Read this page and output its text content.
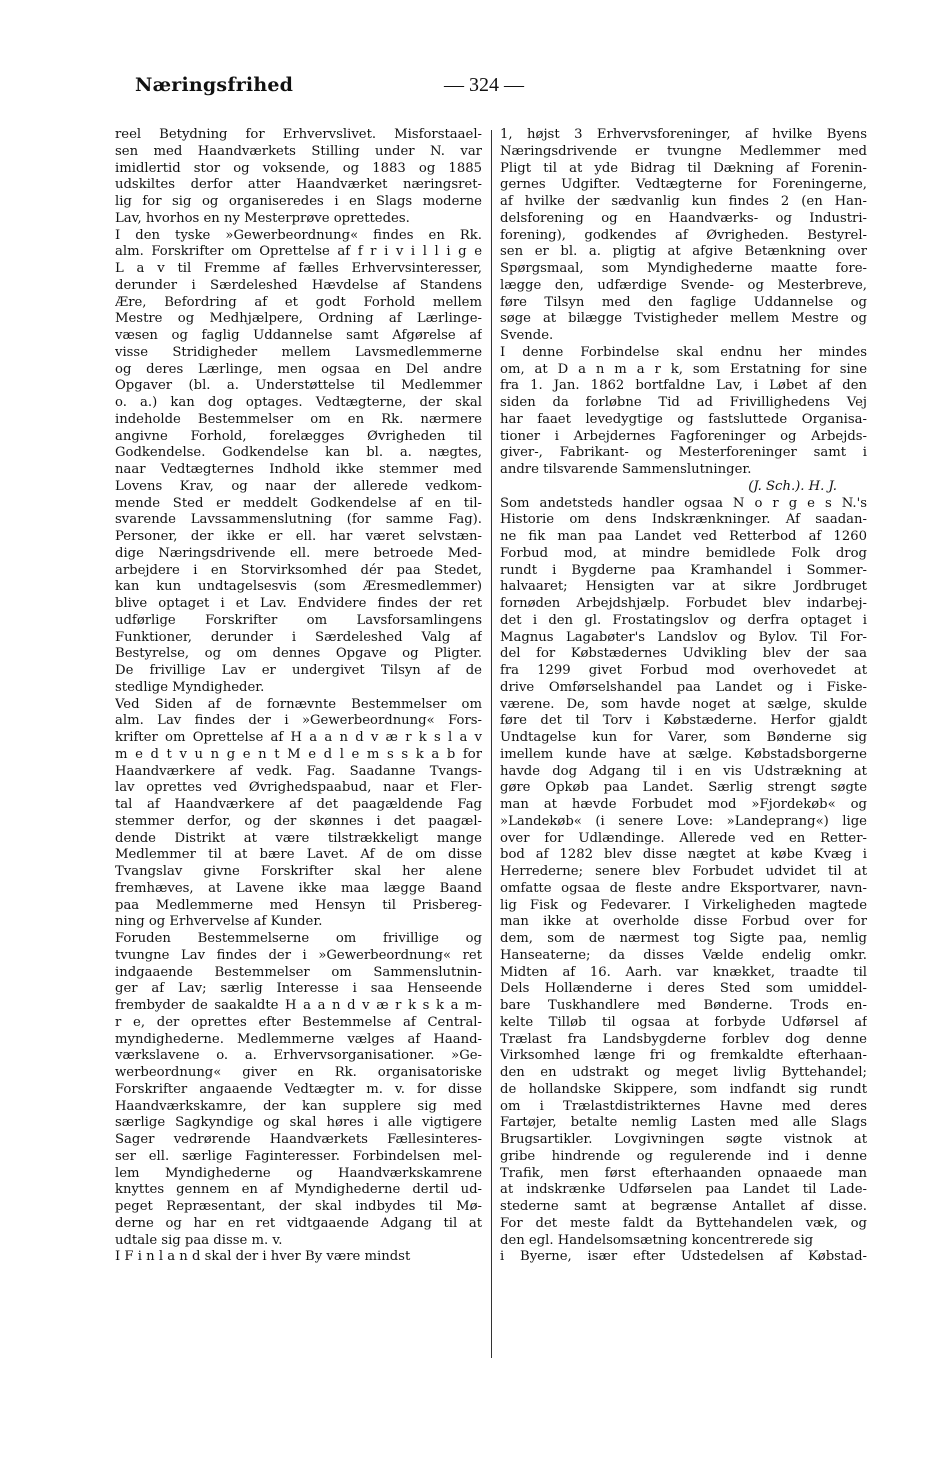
Næringsfrihed	— 324 —
reel Betydning for Erhvervslivet. Misforstaael-
sen med Haandværkets Stilling under N. var
imidlertid stor og voksende, og 1883 og 1885
udskiltes derfor atter Haandværket næringsret-
lig for sig og organiseredes i en Slags moderne
Lav, hvorhos en ny Mesterprøve oprettedes.
I den tyske »Gewerbeordnung« findes en Rk.
alm. Forskrifter om Oprettelse af f r i v i l l i g e
L a v til Fremme af fælles Erhvervsinteresser,
derunder i Særdeleshed Hævdelse af Standens
Ære, Befordring af et godt Forhold mellem
Mestre og Medhjælpere, Ordning af Lærlinge-
væsen og faglig Uddannelse samt Afgørelse af
visse Stridigheder mellem Lavsmedlemmerne
og deres Lærlinge, men ogsaa en Del andre
Opgaver (bl. a. Understøttelse til Medlemmer
o. a.) kan dog optages. Vedtægterne, der skal
indeholde Bestemmelser om en Rk. nærmere
angivne Forhold, forelægges Øvrigheden til
Godkendelse. Godkendelse kan bl. a. nægtes,
naar Vedtægternes Indhold ikke stemmer med
Lovens Krav, og naar der allerede vedkom-
mende Sted er meddelt Godkendelse af en til-
svarende Lavssammenslutning (for samme Fag).
Personer, der ikke er ell. har været selvstæn-
dige Næringsdrivende ell. mere betroede Med-
arbejdere i en Storvirksomhed dér paa Stedet,
kan kun undtagelsesvis (som Æresmedlemmer)
blive optaget i et Lav. Endvidere findes der ret
udførlige Forskrifter om Lavsforsamlingens
Funktioner, derunder i Særdeleshed Valg af
Bestyrelse, og om dennes Opgave og Pligter.
De frivillige Lav er undergivet Tilsyn af de
stedlige Myndigheder.
Ved Siden af de fornævnte Bestemmelser om
alm. Lav findes der i »Gewerbeordnung« Fors-
krifter om Oprettelse af H a a n d v æ r k s l a v
m e d t v u n g e n t M e d l e m s s k a b for
Haandværkere af vedk. Fag. Saadanne Tvangs-
lav oprettes ved Øvrighedspaabud, naar et Fler-
tal af Haandværkere af det paagældende Fag
stemmer derfor, og der skønnes i det paagæl-
dende Distrikt at være tilstrækkeligt mange
Medlemmer til at bære Lavet. Af de om disse
Tvangslav givne Forskrifter skal her alene
fremhæves, at Lavene ikke maa lægge Baand
paa Medlemmerne med Hensyn til Prisbereg-
ning og Erhvervelse af Kunder.
Foruden Bestemmelserne om frivillige og
tvungne Lav findes der i »Gewerbeordnung« ret
indgaaende Bestemmelser om Sammenslutnin-
ger af Lav; særlig Interesse i saa Henseende
frembyder de saakaldte H a a n d v æ r k s k a m-
r e, der oprettes efter Bestemmelse af Central-
myndighederne. Medlemmerne vælges af Haand-
værkslavene o. a. Erhvervsorganisationer. »Ge-
werbeordnung« giver en Rk. organisatoriske
Forskrifter angaaende Vedtægter m. v. for disse
Haandværkskamre, der kan supplere sig med
særlige Sagkyndige og skal høres i alle vigtigere
Sager vedrørende Haandværkets Fællesinteres-
ser ell. særlige Faginteresser. Forbindelsen mel-
lem Myndighederne og Haandværkskamrene
knyttes gennem en af Myndighederne dertil ud-
peget Repræsentant, der skal indbydes til Mø-
derne og har en ret vidtgaaende Adgang til at
udtale sig paa disse m. v.
I F i n l a n d skal der i hver By være mindst
1, højst 3 Erhvervsforeninger, af hvilke Byens
Næringsdrivende er tvungne Medlemmer med
Pligt til at yde Bidrag til Dækning af Forenin-
gernes Udgifter. Vedtægterne for Foreningerne,
af hvilke der sædvanlig kun findes 2 (en Han-
delsforening og en Haandværks- og Industri-
forening), godkendes af Øvrigheden. Bestyrel-
sen er bl. a. pligtig at afgive Betænkning over
Spørgsmaal, som Myndighederne maatte fore-
lægge den, udfærdige Svende- og Mesterbreve,
føre Tilsyn med den faglige Uddannelse og
søge at bilægge Tvistigheder mellem Mestre og
Svende.
I denne Forbindelse skal endnu her mindes
om, at D a n m a r k, som Erstatning for sine
fra 1. Jan. 1862 bortfaldne Lav, i Løbet af den
siden da forløbne Tid ad Frivillighedens Vej
har faaet levedygtige og fastsluttede Organisa-
tioner i Arbejdernes Fagforeninger og Arbejds-
giver-, Fabrikant- og Mesterforeninger samt i
andre tilsvarende Sammenslutninger.
(J. Sch.). H. J.
Som andetsteds handler ogsaa N o r g e s N.'s
Historie om dens Indskrænkninger. Af saadan-
ne fik man paa Landet ved Retterbod af 1260
Forbud mod, at mindre bemidlede Folk drog
rundt i Bygderne paa Kramhandel i Sommer-
halvaaret; Hensigten var at sikre Jordbruget
fornøden Arbejdshjælp. Forbudet blev indarbej-
det i den gl. Frostatingslov og derfra optaget i
Magnus Lagabøter's Landslov og Bylov. Til For-
del for Købstædernes Udvikling blev der saa
fra 1299 givet Forbud mod overhovedet at
drive Omførselshandel paa Landet og i Fiske-
værene. De, som havde noget at sælge, skulde
føre det til Torv i Købstæderne. Herfor gjaldt
Undtagelse kun for Varer, som Bønderne sig
imellem kunde have at sælge. Købstadsborgerne
havde dog Adgang til i en vis Udstrækning at
gøre Opkøb paa Landet. Særlig strengt søgte
man at hævde Forbudet mod »Fjordekøb« og
»Landekøb« (i senere Love: »Landeprang«) lige
over for Udlændinge. Allerede ved en Retter-
bod af 1282 blev disse nægtet at købe Kvæg i
Herrederne; senere blev Forbudet udvidet til at
omfatte ogsaa de fleste andre Eksportvarer, navn-
lig Fisk og Fedevarer. I Virkeligheden magtede
man ikke at overholde disse Forbud over for
dem, som de nærmest tog Sigte paa, nemlig
Hanseaterne; da disses Vælde endelig omkr.
Midten af 16. Aarh. var knækket, traadte til
Dels Hollænderne i deres Sted som umiddel-
bare Tuskhandlere med Bønderne. Trods en-
kelte Tilløb til ogsaa at forbyde Udførsel af
Trælast fra Landsbygderne forblev dog denne
Virksomhed længe fri og fremkaldte efterhaan-
den en udstrakt og meget livlig Byttehandel;
de hollandske Skippere, som indfandt sig rundt
om i Trælastdistrikternes Havne med deres
Fartøjer, betalte nemlig Lasten med alle Slags
Brugsartikler. Lovgivningen søgte vistnok at
gribe hindrende og regulerende ind i denne
Trafik, men først efterhaanden opnaaede man
at indskrænke Udførselen paa Landet til Lade-
stederne samt at begrænse Antallet af disse.
For det meste faldt da Byttehandelen væk, og
den egl. Handelsomsætning koncentrerede sig
i Byerne, især efter Udstedelsen af Købstad-
